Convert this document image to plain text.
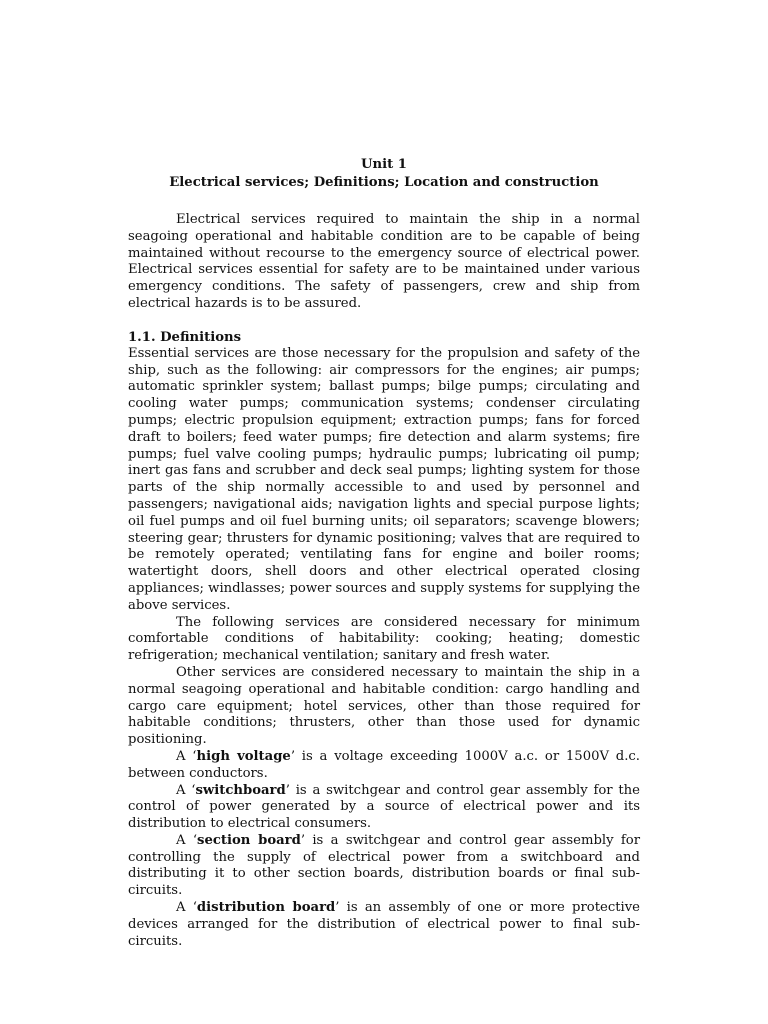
Unit 1
Electrical services; Definitions; Location and construction

Electrical services required to maintain the ship in a normal seagoing operational and habitable condition are to be capable of being maintained without recourse to the emergency source of electrical power. Electrical services essential for safety are to be maintained under various emergency conditions. The safety of passengers, crew and ship from electrical hazards is to be assured.

1.1. Definitions

Essential services are those necessary for the propulsion and safety of the ship, such as the following: air compressors for the engines; air pumps; automatic sprinkler system; ballast pumps; bilge pumps; circulating and cooling water pumps; communication systems; condenser circulating pumps; electric propulsion equipment; extraction pumps; fans for forced draft to boilers; feed water pumps; fire detection and alarm systems; fire pumps; fuel valve cooling pumps; hydraulic pumps; lubricating oil pump; inert gas fans and scrubber and deck seal pumps; lighting system for those parts of the ship normally accessible to and used by personnel and passengers; navigational aids; navigation lights and special purpose lights; oil fuel pumps and oil fuel burning units; oil separators; scavenge blowers; steering gear; thrusters for dynamic positioning; valves that are required to be remotely operated; ventilating fans for engine and boiler rooms; watertight doors, shell doors and other electrical operated closing appliances; windlasses; power sources and supply systems for supplying the above services.

The following services are considered necessary for minimum comfortable conditions of habitability: cooking; heating; domestic refrigeration; mechanical ventilation; sanitary and fresh water.

Other services are considered necessary to maintain the ship in a normal seagoing operational and habitable condition: cargo handling and cargo care equipment; hotel services, other than those required for habitable conditions; thrusters, other than those used for dynamic positioning.

A ‘high voltage’ is a voltage exceeding 1000V a.c. or 1500V d.c. between conductors.

A ‘switchboard’ is a switchgear and control gear assembly for the control of power generated by a source of electrical power and its distribution to electrical consumers.

A ‘section board’ is a switchgear and control gear assembly for controlling the supply of electrical power from a switchboard and distributing it to other section boards, distribution boards or final sub-circuits.

A ‘distribution board’ is an assembly of one or more protective devices arranged for the distribution of electrical power to final sub-circuits.
